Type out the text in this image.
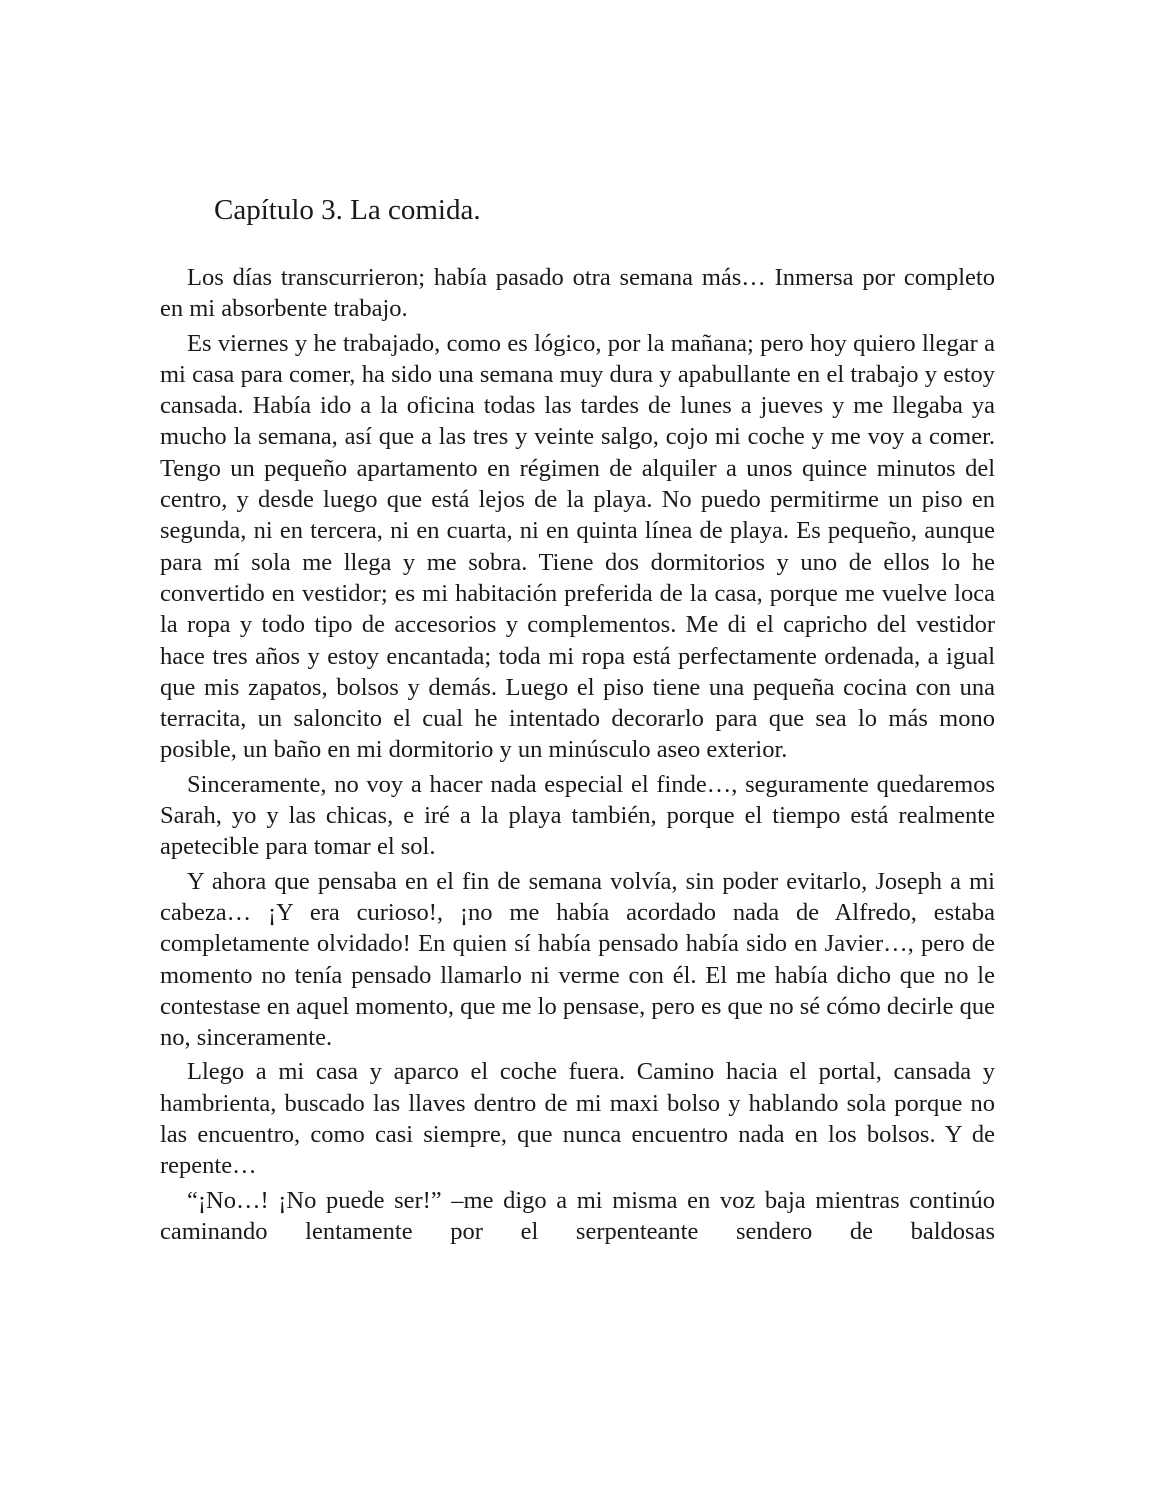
Capítulo 3. La comida.

Los días transcurrieron; había pasado otra semana más… Inmersa por completo en mi absorbente trabajo.

Es viernes y he trabajado, como es lógico, por la mañana; pero hoy quiero llegar a mi casa para comer, ha sido una semana muy dura y apabullante en el trabajo y estoy cansada. Había ido a la oficina todas las tardes de lunes a jueves y me llegaba ya mucho la semana, así que a las tres y veinte salgo, cojo mi coche y me voy a comer. Tengo un pequeño apartamento en régimen de alquiler a unos quince minutos del centro, y desde luego que está lejos de la playa. No puedo permitirme un piso en segunda, ni en tercera, ni en cuarta, ni en quinta línea de playa. Es pequeño, aunque para mí sola me llega y me sobra. Tiene dos dormitorios y uno de ellos lo he convertido en vestidor; es mi habitación preferida de la casa, porque me vuelve loca la ropa y todo tipo de accesorios y complementos. Me di el capricho del vestidor hace tres años y estoy encantada; toda mi ropa está perfectamente ordenada, a igual que mis zapatos, bolsos y demás. Luego el piso tiene una pequeña cocina con una terracita, un saloncito el cual he intentado decorarlo para que sea lo más mono posible, un baño en mi dormitorio y un minúsculo aseo exterior.

Sinceramente, no voy a hacer nada especial el finde…, seguramente quedaremos Sarah, yo y las chicas, e iré a la playa también, porque el tiempo está realmente apetecible para tomar el sol.

Y ahora que pensaba en el fin de semana volvía, sin poder evitarlo, Joseph a mi cabeza… ¡Y era curioso!, ¡no me había acordado nada de Alfredo, estaba completamente olvidado! En quien sí había pensado había sido en Javier…, pero de momento no tenía pensado llamarlo ni verme con él. El me había dicho que no le contestase en aquel momento, que me lo pensase, pero es que no sé cómo decirle que no, sinceramente.

Llego a mi casa y aparco el coche fuera. Camino hacia el portal, cansada y hambrienta, buscado las llaves dentro de mi maxi bolso y hablando sola porque no las encuentro, como casi siempre, que nunca encuentro nada en los bolsos. Y de repente…

“¡No…! ¡No puede ser!” –me digo a mi misma en voz baja mientras continúo caminando lentamente por el serpenteante sendero de baldosas
